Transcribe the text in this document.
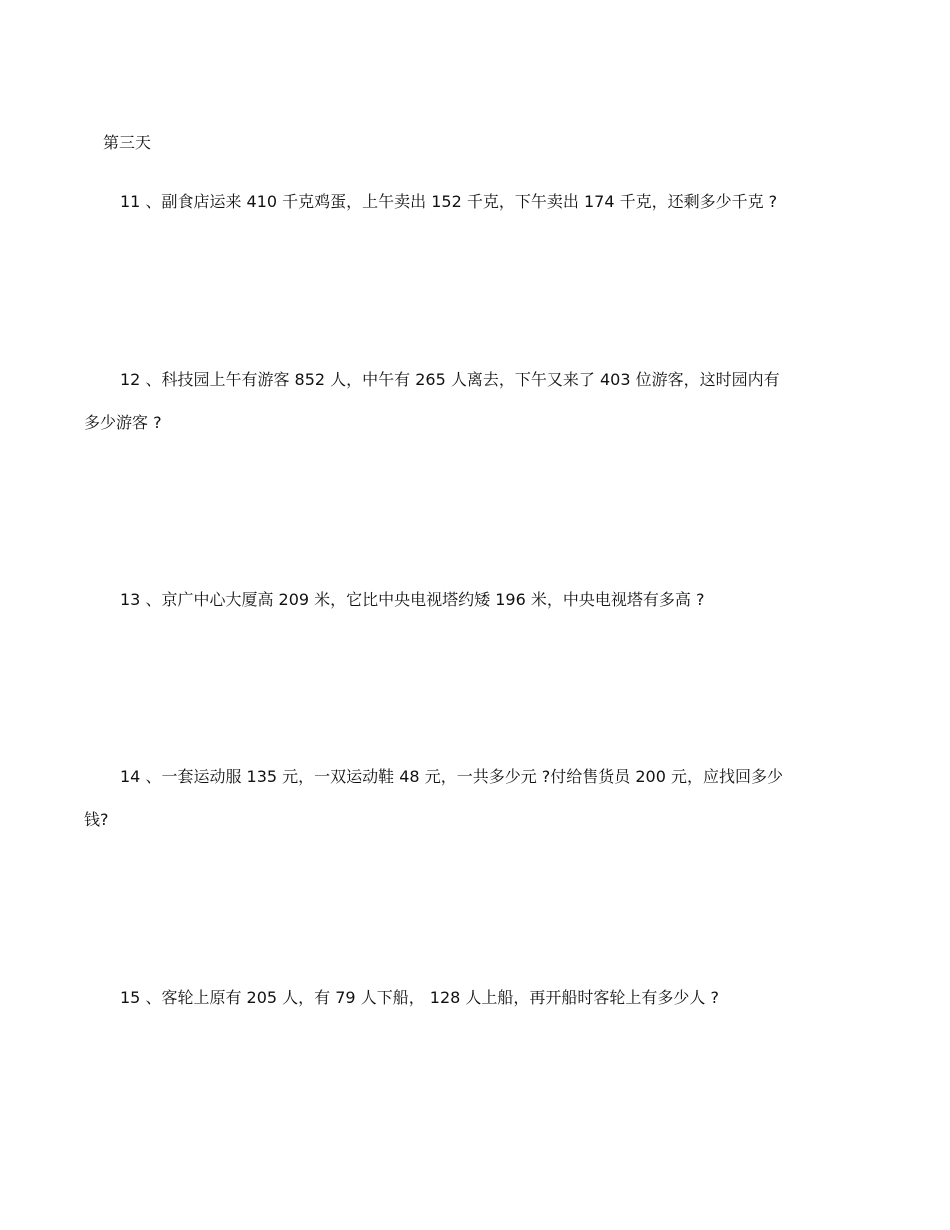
第三天
11 、副食店运来 410 千克鸡蛋，上午卖出 152 千克，下午卖出 174 千克，还剩多少千克 ?
12 、科技园上午有游客 852 人，中午有 265 人离去，下午又来了 403 位游客，这时园内有
多少游客 ?
13 、京广中心大厦高 209 米，它比中央电视塔约矮 196 米，中央电视塔有多高 ?
14 、一套运动服 135 元，一双运动鞋 48 元，一共多少元 ?付给售货员 200 元，应找回多少
钱?
15 、客轮上原有 205 人，有 79 人下船， 128 人上船，再开船时客轮上有多少人 ?
